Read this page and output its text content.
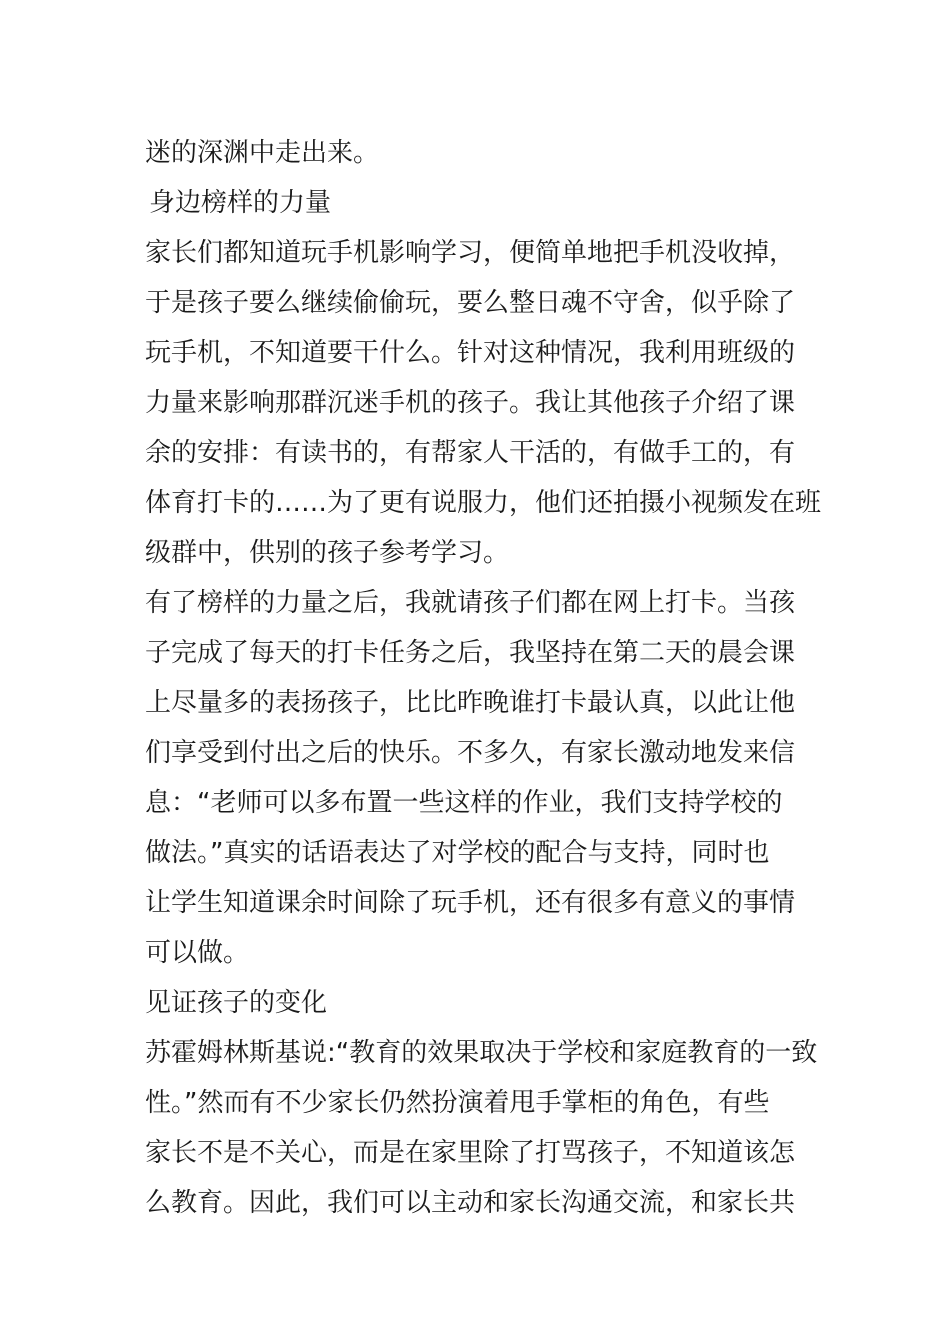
迷的深渊中走出来。
身边榜样的力量
家长们都知道玩手机影响学习，便简单地把手机没收掉，
于是孩子要么继续偷偷玩，要么整日魂不守舍，似乎除了
玩手机，不知道要干什么。针对这种情况，我利用班级的
力量来影响那群沉迷手机的孩子。我让其他孩子介绍了课
余的安排：有读书的，有帮家人干活的，有做手工的，有
体育打卡的……为了更有说服力，他们还拍摄小视频发在班
级群中，供别的孩子参考学习。
有了榜样的力量之后，我就请孩子们都在网上打卡。当孩
子完成了每天的打卡任务之后，我坚持在第二天的晨会课
上尽量多的表扬孩子，比比昨晚谁打卡最认真，以此让他
们享受到付出之后的快乐。不多久，有家长激动地发来信
息：“老师可以多布置一些这样的作业，我们支持学校的
做法。”真实的话语表达了对学校的配合与支持，同时也
让学生知道课余时间除了玩手机，还有很多有意义的事情
可以做。
见证孩子的变化
苏霍姆林斯基说:“教育的效果取决于学校和家庭教育的一致
性。”然而有不少家长仍然扮演着甩手掌柜的角色，有些
家长不是不关心，而是在家里除了打骂孩子，不知道该怎
么教育。因此，我们可以主动和家长沟通交流，和家长共
